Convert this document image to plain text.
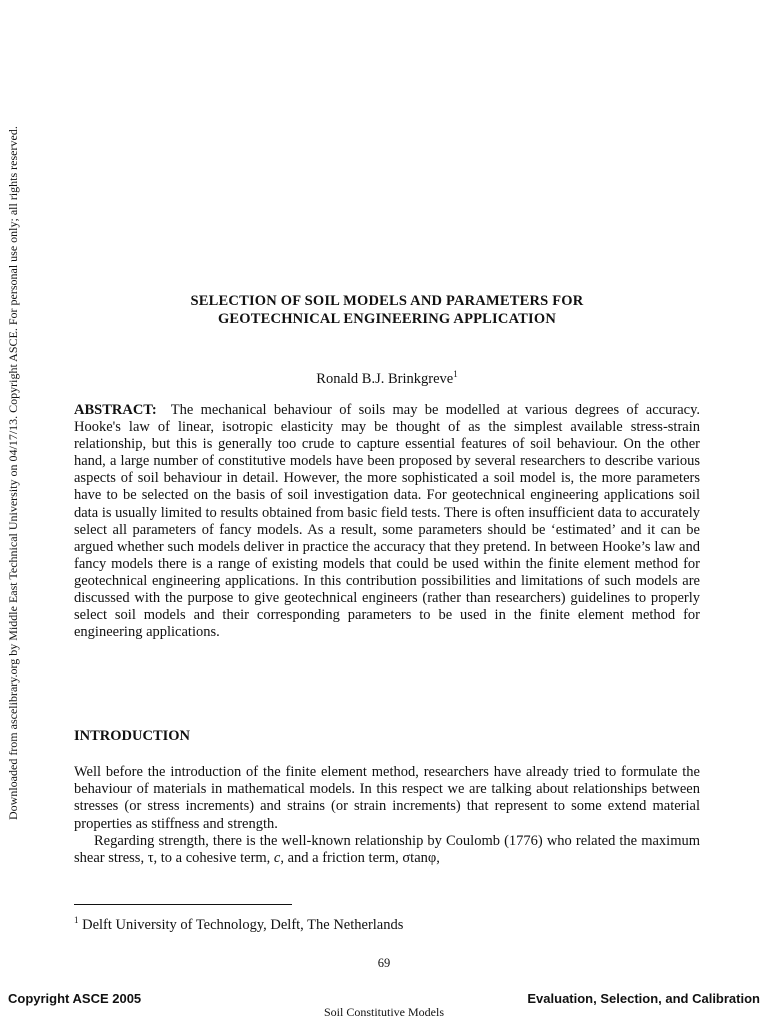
Downloaded from ascelibrary.org by Middle East Technical University on 04/17/13. Copyright ASCE. For personal use only; all rights reserved.	SELECTION OF SOIL MODELS AND PARAMETERS FOR
GEOTECHNICAL ENGINEERING APPLICATION
Ronald B.J. Brinkgreve$^1$

ABSTRACT: The mechanical behaviour of soils may be modelled at various degrees of accuracy. Hooke's law of linear, isotropic elasticity may be thought of as the simplest available stress-strain relationship, but this is generally too crude to capture essential features of soil behaviour. On the other hand, a large number of constitutive models have been proposed by several researchers to describe various aspects of soil behaviour in detail. However, the more sophisticated a soil model is, the more parameters have to be selected on the basis of soil investigation data. For geotechnical engineering applications soil data is usually limited to results obtained from basic field tests. There is often insufficient data to accurately select all parameters of fancy models. As a result, some parameters should be ‘estimated’ and it can be argued whether such models deliver in practice the accuracy that they pretend. In between Hooke’s law and fancy models there is a range of existing models that could be used within the finite element method for geotechnical engineering applications. In this contribution possibilities and limitations of such models are discussed with the purpose to give geotechnical engineers (rather than researchers) guidelines to properly select soil models and their corresponding parameters to be used in the finite element method for engineering applications.

INTRODUCTION

Well before the introduction of the finite element method, researchers have already tried to formulate the behaviour of materials in mathematical models. In this respect we are talking about relationships between stresses (or stress increments) and strains (or strain increments) that represent to some extend material properties as stiffness and strength.

Regarding strength, there is the well-known relationship by Coulomb (1776) who related the maximum shear stress, τ, to a cohesive term, c, and a friction term, σtanφ,

$^1$ Delft University of Technology, Delft, The Netherlands
69
Copyright ASCE 2005	Evaluation, Selection, and Calibration
Soil Constitutive Models
